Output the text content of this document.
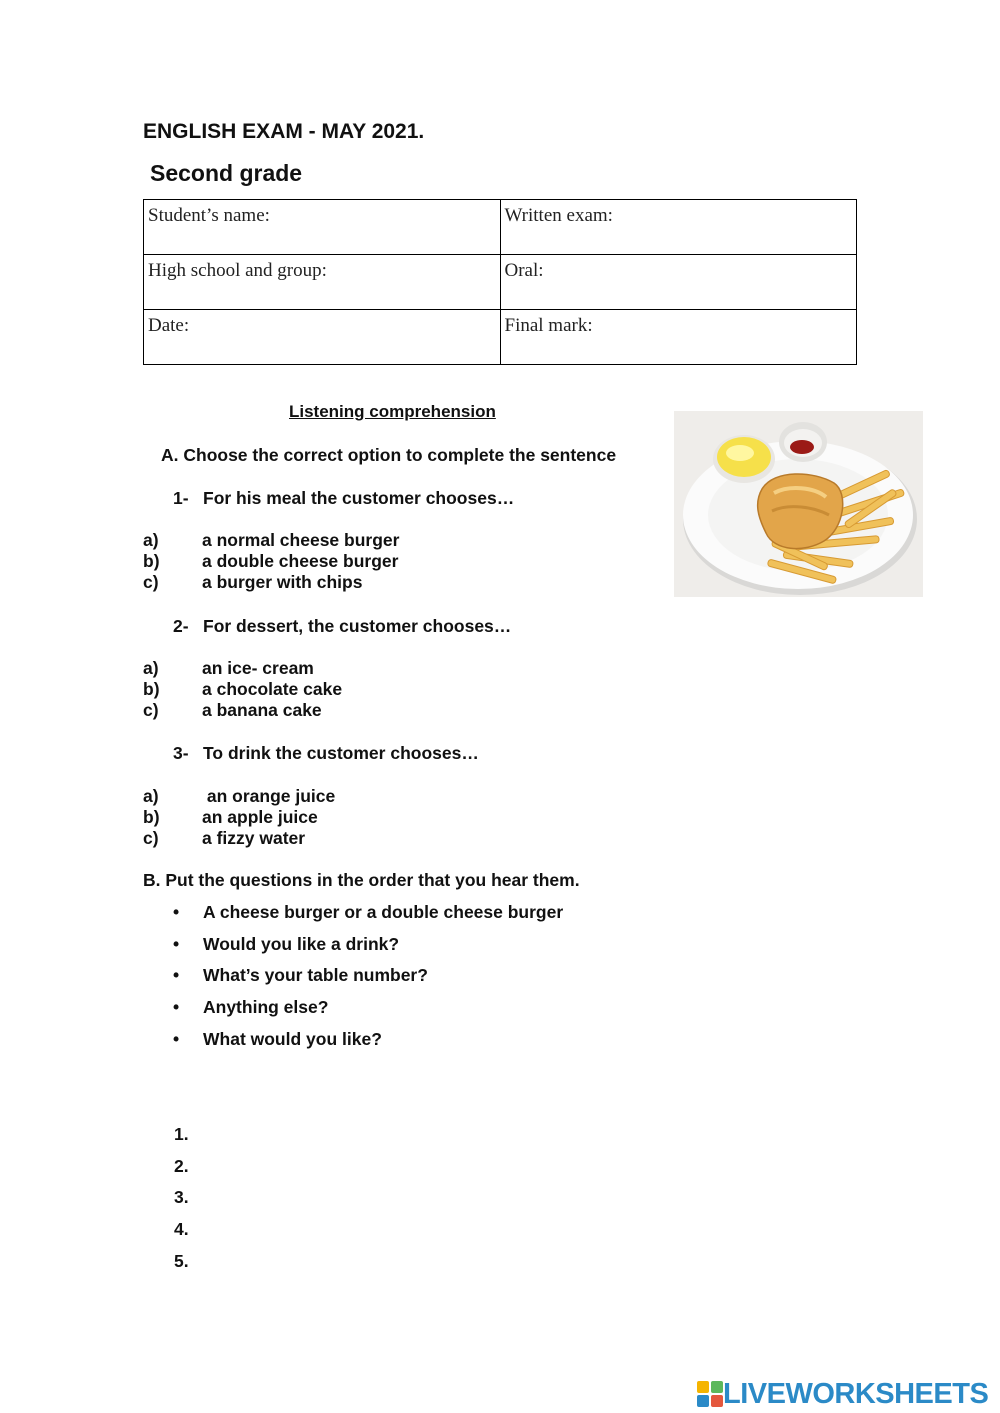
ENGLISH EXAM - MAY 2021.
Second grade
Student’s name:	Written exam:
High school and group:	Oral:
Date:	Final mark:
Listening comprehension
A. Choose the correct option to complete the sentence
1- For his meal the customer chooses…
a) a normal cheese burger
b) a double cheese burger
c) a burger with chips
2- For dessert, the customer chooses…
a) an ice- cream
b) a chocolate cake
c) a banana cake
3- To drink the customer chooses…
a) an orange juice
b) an apple juice
c) a fizzy water
B. Put the questions in the order that you hear them.
• A cheese burger or a double cheese burger
• Would you like a drink?
• What’s your table number?
• Anything else?
• What would you like?
1.
2.
3.
4.
5.
LIVEWORKSHEETS
